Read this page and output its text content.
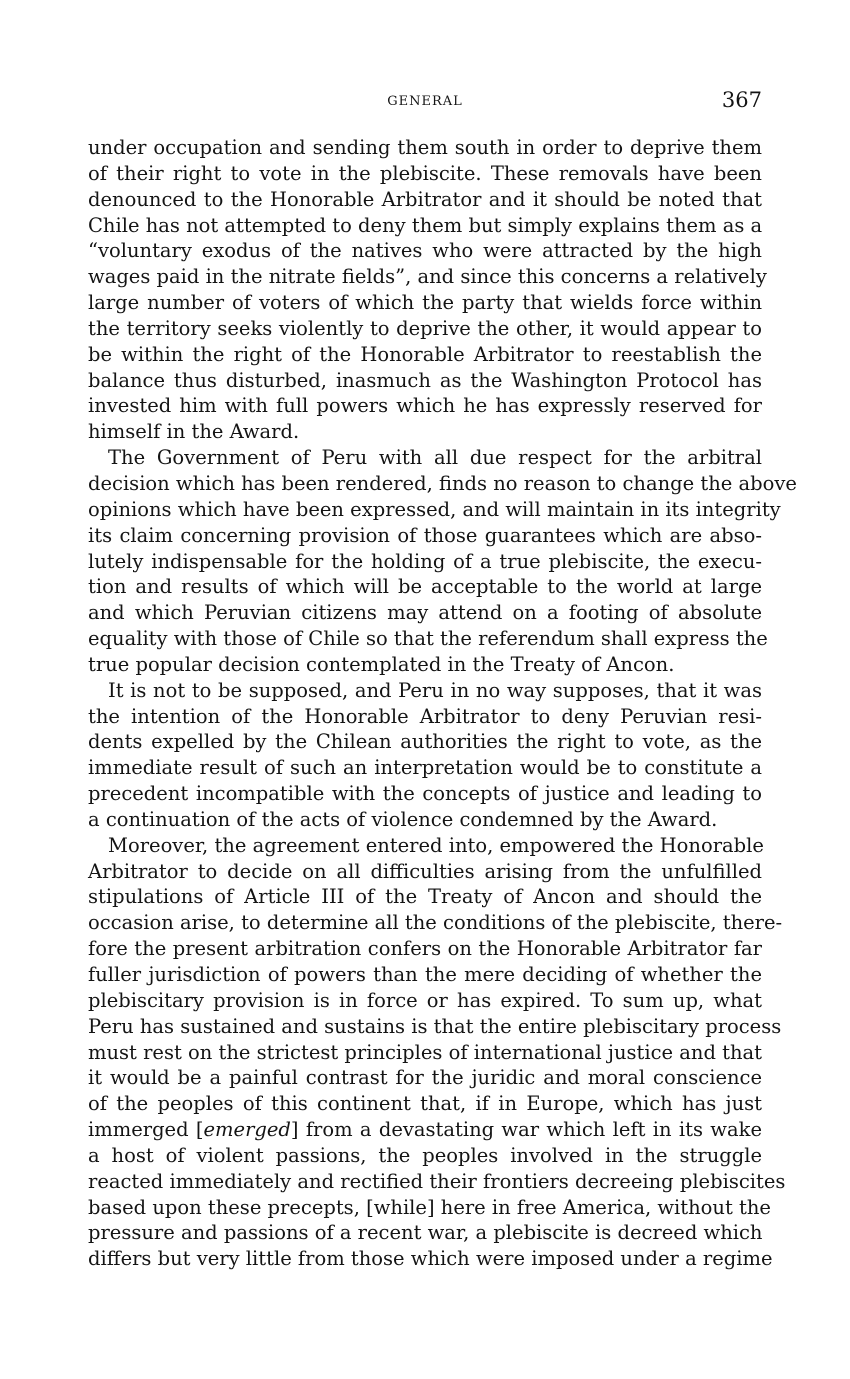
GENERAL	367
under occupation and sending them south in order to deprive them
of their right to vote in the plebiscite. These removals have been
denounced to the Honorable Arbitrator and it should be noted that
Chile has not attempted to deny them but simply explains them as a
“voluntary exodus of the natives who were attracted by the high
wages paid in the nitrate fields”, and since this concerns a relatively
large number of voters of which the party that wields force within
the territory seeks violently to deprive the other, it would appear to
be within the right of the Honorable Arbitrator to reestablish the
balance thus disturbed, inasmuch as the Washington Protocol has
invested him with full powers which he has expressly reserved for
himself in the Award.
The Government of Peru with all due respect for the arbitral
decision which has been rendered, finds no reason to change the above
opinions which have been expressed, and will maintain in its integrity
its claim concerning provision of those guarantees which are abso-
lutely indispensable for the holding of a true plebiscite, the execu-
tion and results of which will be acceptable to the world at large
and which Peruvian citizens may attend on a footing of absolute
equality with those of Chile so that the referendum shall express the
true popular decision contemplated in the Treaty of Ancon.
It is not to be supposed, and Peru in no way supposes, that it was
the intention of the Honorable Arbitrator to deny Peruvian resi-
dents expelled by the Chilean authorities the right to vote, as the
immediate result of such an interpretation would be to constitute a
precedent incompatible with the concepts of justice and leading to
a continuation of the acts of violence condemned by the Award.
Moreover, the agreement entered into, empowered the Honorable
Arbitrator to decide on all difficulties arising from the unfulfilled
stipulations of Article III of the Treaty of Ancon and should the
occasion arise, to determine all the conditions of the plebiscite, there-
fore the present arbitration confers on the Honorable Arbitrator far
fuller jurisdiction of powers than the mere deciding of whether the
plebiscitary provision is in force or has expired. To sum up, what
Peru has sustained and sustains is that the entire plebiscitary process
must rest on the strictest principles of international justice and that
it would be a painful contrast for the juridic and moral conscience
of the peoples of this continent that, if in Europe, which has just
immerged [emerged] from a devastating war which left in its wake
a host of violent passions, the peoples involved in the struggle
reacted immediately and rectified their frontiers decreeing plebiscites
based upon these precepts, [while] here in free America, without the
pressure and passions of a recent war, a plebiscite is decreed which
differs but very little from those which were imposed under a regime
